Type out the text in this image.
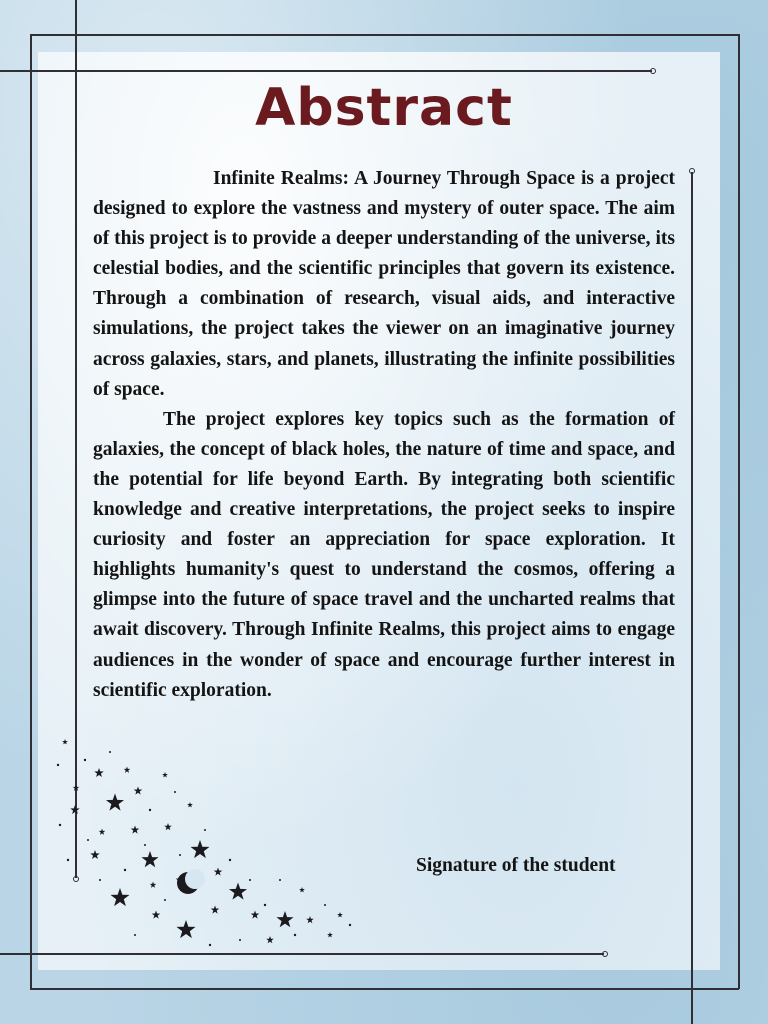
Abstract

Infinite Realms: A Journey Through Space is a project designed to explore the vastness and mystery of outer space. The aim of this project is to provide a deeper understanding of the universe, its celestial bodies, and the scientific principles that govern its existence. Through a combination of research, visual aids, and interactive simulations, the project takes the viewer on an imaginative journey across galaxies, stars, and planets, illustrating the infinite possibilities of space.

The project explores key topics such as the formation of galaxies, the concept of black holes, the nature of time and space, and the potential for life beyond Earth. By integrating both scientific knowledge and creative interpretations, the project seeks to inspire curiosity and foster an appreciation for space exploration. It highlights humanity's quest to understand the cosmos, offering a glimpse into the future of space travel and the uncharted realms that await discovery. Through Infinite Realms, this project aims to engage audiences in the wonder of space and encourage further interest in scientific exploration.

Signature of the student
